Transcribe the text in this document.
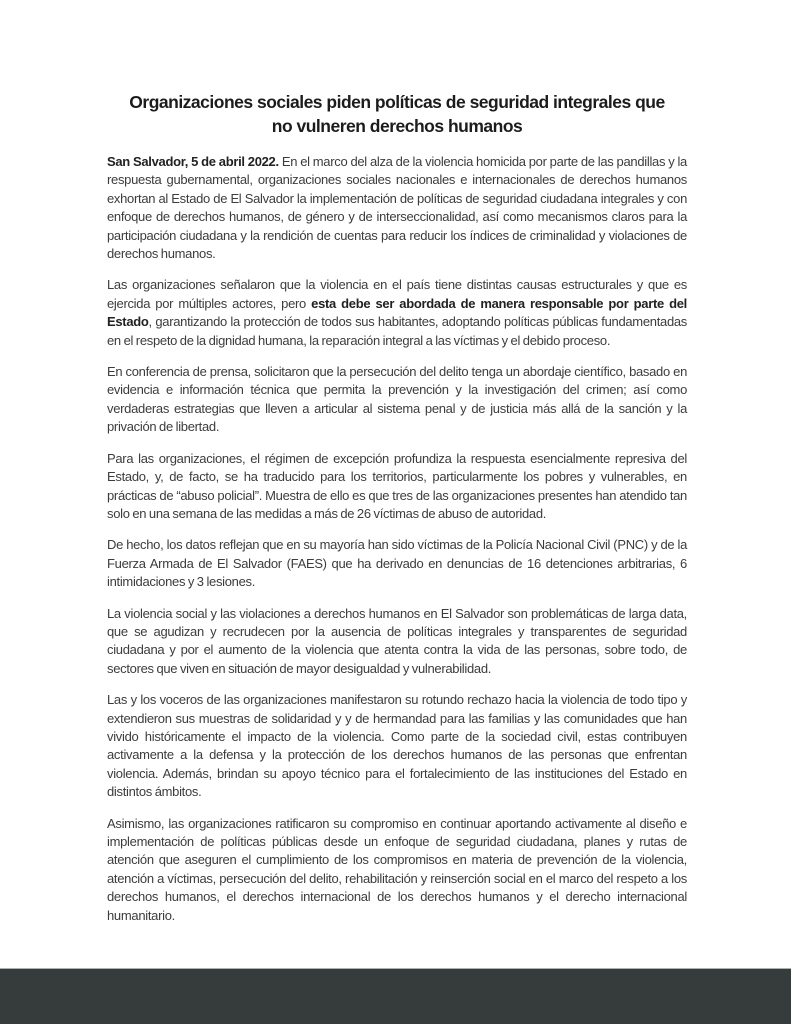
Organizaciones sociales piden políticas de seguridad integrales que
no vulneren derechos humanos

San Salvador, 5 de abril 2022. En el marco del alza de la violencia homicida por parte de las pandillas y la respuesta gubernamental, organizaciones sociales nacionales e internacionales de derechos humanos exhortan al Estado de El Salvador la implementación de políticas de seguridad ciudadana integrales y con enfoque de derechos humanos, de género y de interseccionalidad, así como mecanismos claros para la participación ciudadana y la rendición de cuentas para reducir los índices de criminalidad y violaciones de derechos humanos.

Las organizaciones señalaron que la violencia en el país tiene distintas causas estructurales y que es ejercida por múltiples actores, pero esta debe ser abordada de manera responsable por parte del Estado, garantizando la protección de todos sus habitantes, adoptando políticas públicas fundamentadas en el respeto de la dignidad humana, la reparación integral a las víctimas y el debido proceso.

En conferencia de prensa, solicitaron que la persecución del delito tenga un abordaje científico, basado en evidencia e información técnica que permita la prevención y la investigación del crimen; así como verdaderas estrategias que lleven a articular al sistema penal y de justicia más allá de la sanción y la privación de libertad.

Para las organizaciones, el régimen de excepción profundiza la respuesta esencialmente represiva del Estado, y, de facto, se ha traducido para los territorios, particularmente los pobres y vulnerables, en prácticas de “abuso policial”. Muestra de ello es que tres de las organizaciones presentes han atendido tan solo en una semana de las medidas a más de 26 víctimas de abuso de autoridad.

De hecho, los datos reflejan que en su mayoría han sido víctimas de la Policía Nacional Civil (PNC) y de la Fuerza Armada de El Salvador (FAES) que ha derivado en denuncias de 16 detenciones arbitrarias, 6 intimidaciones y 3 lesiones.

La violencia social y las violaciones a derechos humanos en El Salvador son problemáticas de larga data, que se agudizan y recrudecen por la ausencia de políticas integrales y transparentes de seguridad ciudadana y por el aumento de la violencia que atenta contra la vida de las personas, sobre todo, de sectores que viven en situación de mayor desigualdad y vulnerabilidad.

Las y los voceros de las organizaciones manifestaron su rotundo rechazo hacia la violencia de todo tipo y extendieron sus muestras de solidaridad y y de hermandad para las familias y las comunidades que han vivido históricamente el impacto de la violencia. Como parte de la sociedad civil, estas contribuyen activamente a la defensa y la protección de los derechos humanos de las personas que enfrentan violencia. Además, brindan su apoyo técnico para el fortalecimiento de las instituciones del Estado en distintos ámbitos.

Asimismo, las organizaciones ratificaron su compromiso en continuar aportando activamente al diseño e implementación de políticas públicas desde un enfoque de seguridad ciudadana, planes y rutas de atención que aseguren el cumplimiento de los compromisos en materia de prevención de la violencia, atención a víctimas, persecución del delito, rehabilitación y reinserción social en el marco del respeto a los derechos humanos, el derechos internacional de los derechos humanos y el derecho internacional humanitario.
